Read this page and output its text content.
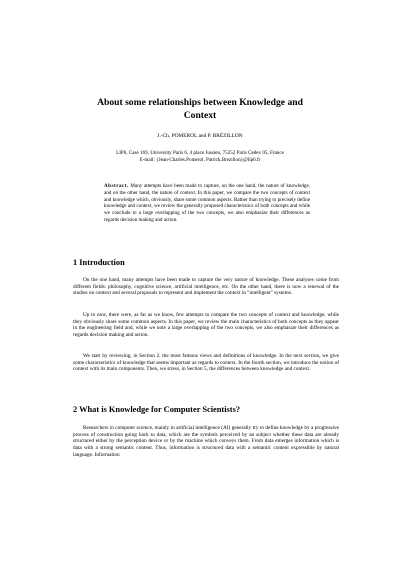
About some relationships between Knowledge and Context
J.-Ch. POMEROL and P. BRÉZILLON
LIP6, Case 169, University Paris 6, 4 place Jussieu, 75252 Paris Cedex 05, France
E-mail: {Jean-Charles.Pomerol, Patrick.Brezillon}@lip6.fr
Abstract. Many attempts have been made to capture, on the one hand, the nature of knowledge, and on the other hand, the nature of context. In this paper, we compare the two concepts of context and knowledge which, obviously, share some common aspects. Rather than trying to precisely define knowledge and context, we review the generally proposed characteristics of both concepts and while we conclude to a large overlapping of the two concepts, we also emphasize their differences as regards decision making and action.
1 Introduction
On the one hand, many attempts have been made to capture the very nature of knowledge. These analyses come from different fields: philosophy, cognitive science, artificial intelligence, etc. On the other hand, there is now a renewal of the studies on context and several proposals to represent and implement the context in "intelligent" systems.
Up to now, there were, as far as we know, few attempts to compare the two concepts of context and knowledge, while they obviously share some common aspects. In this paper, we review the main characteristics of both concepts as they appear in the engineering field and, while we note a large overlapping of the two concepts, we also emphasize their differences as regards decision making and action.
We start by reviewing, in Section 2, the most famous views and definitions of knowledge. In the next section, we give some characteristics of knowledge that seems important as regards to context. In the fourth section, we introduce the notion of context with its main components. Then, we stress, in Section 5, the differences between knowledge and context.
2 What is Knowledge for Computer Scientists?
Researchers in computer science, mainly in artificial intelligence (AI) generally try to define knowledge by a progressive process of construction going back to data, which are the symbols perceived by an subject whether these data are already structured either by the perception device or by the machine which conveys them. From data emerges information which is data with a strong semantic content. Thus, information is structured data with a semantic content expressible by natural language. Information
